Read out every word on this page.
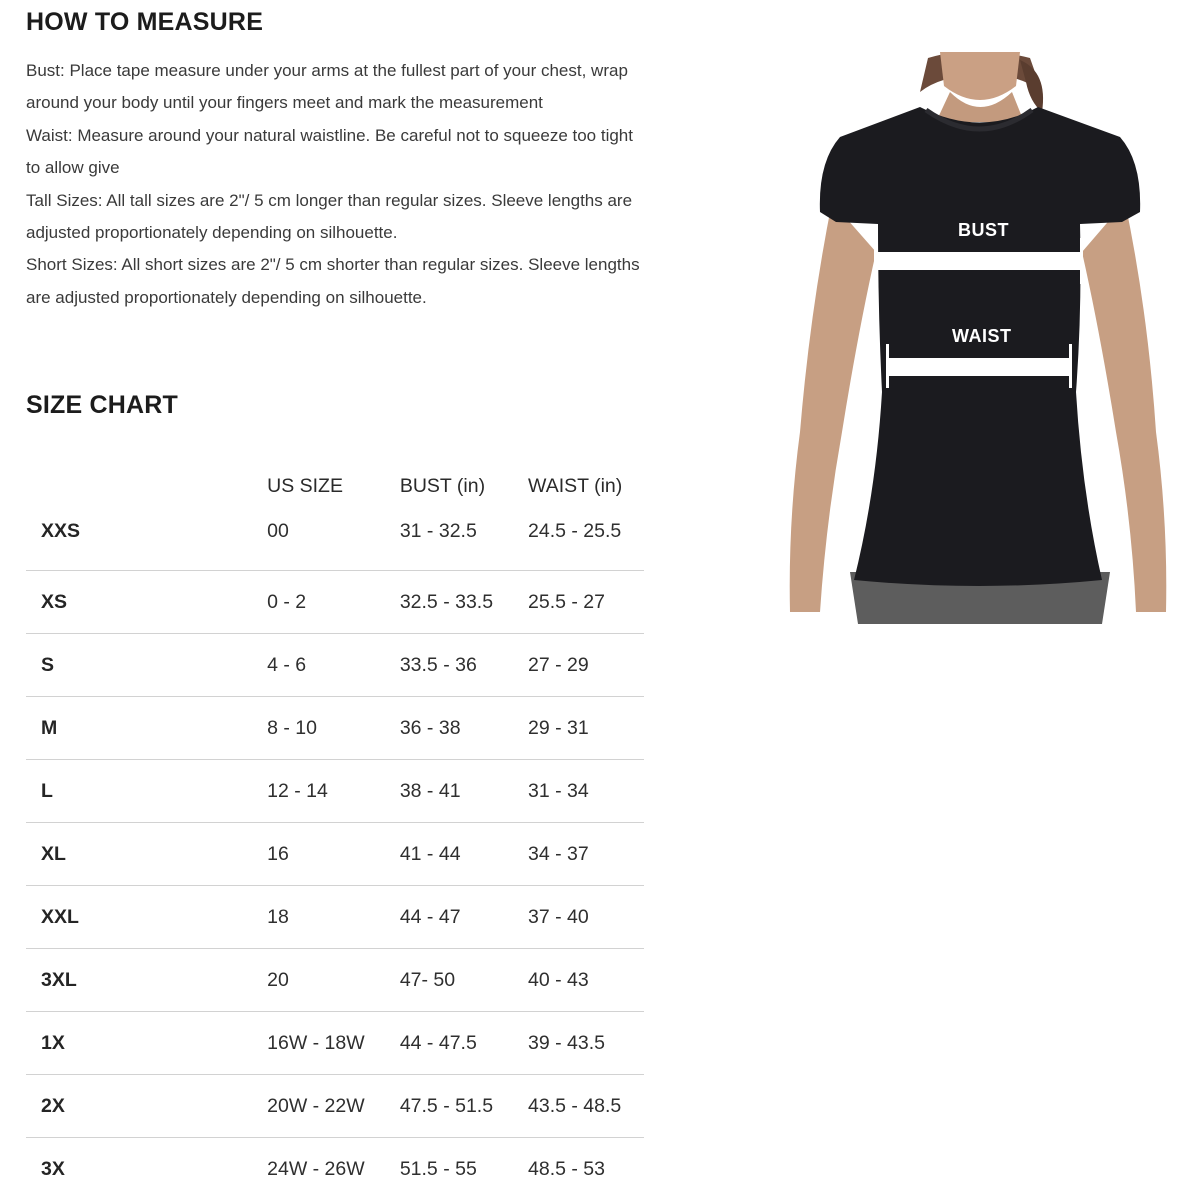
HOW TO MEASURE

Bust: Place tape measure under your arms at the fullest part of your chest, wrap around your body until your fingers meet and mark the measurement

Waist: Measure around your natural waistline. Be careful not to squeeze too tight to allow give

Tall Sizes: All tall sizes are 2"/ 5 cm longer than regular sizes. Sleeve lengths are adjusted proportionately depending on silhouette.

Short Sizes: All short sizes are 2"/ 5 cm shorter than regular sizes. Sleeve lengths are adjusted proportionately depending on silhouette.

SIZE CHART
	US SIZE	BUST (in)	WAIST (in)
XXS	00	31 - 32.5	24.5 - 25.5
XS	0 - 2	32.5 - 33.5	25.5 - 27
S	4 - 6	33.5 - 36	27 - 29
M	8 - 10	36 - 38	29 - 31
L	12 - 14	38 - 41	31 - 34
XL	16	41 - 44	34 - 37
XXL	18	44 - 47	37 - 40
3XL	20	47- 50	40 - 43
1X	16W - 18W	44 - 47.5	39 - 43.5
2X	20W - 22W	47.5 - 51.5	43.5 - 48.5
3X	24W - 26W	51.5 - 55	48.5 - 53
BUST
WAIST
